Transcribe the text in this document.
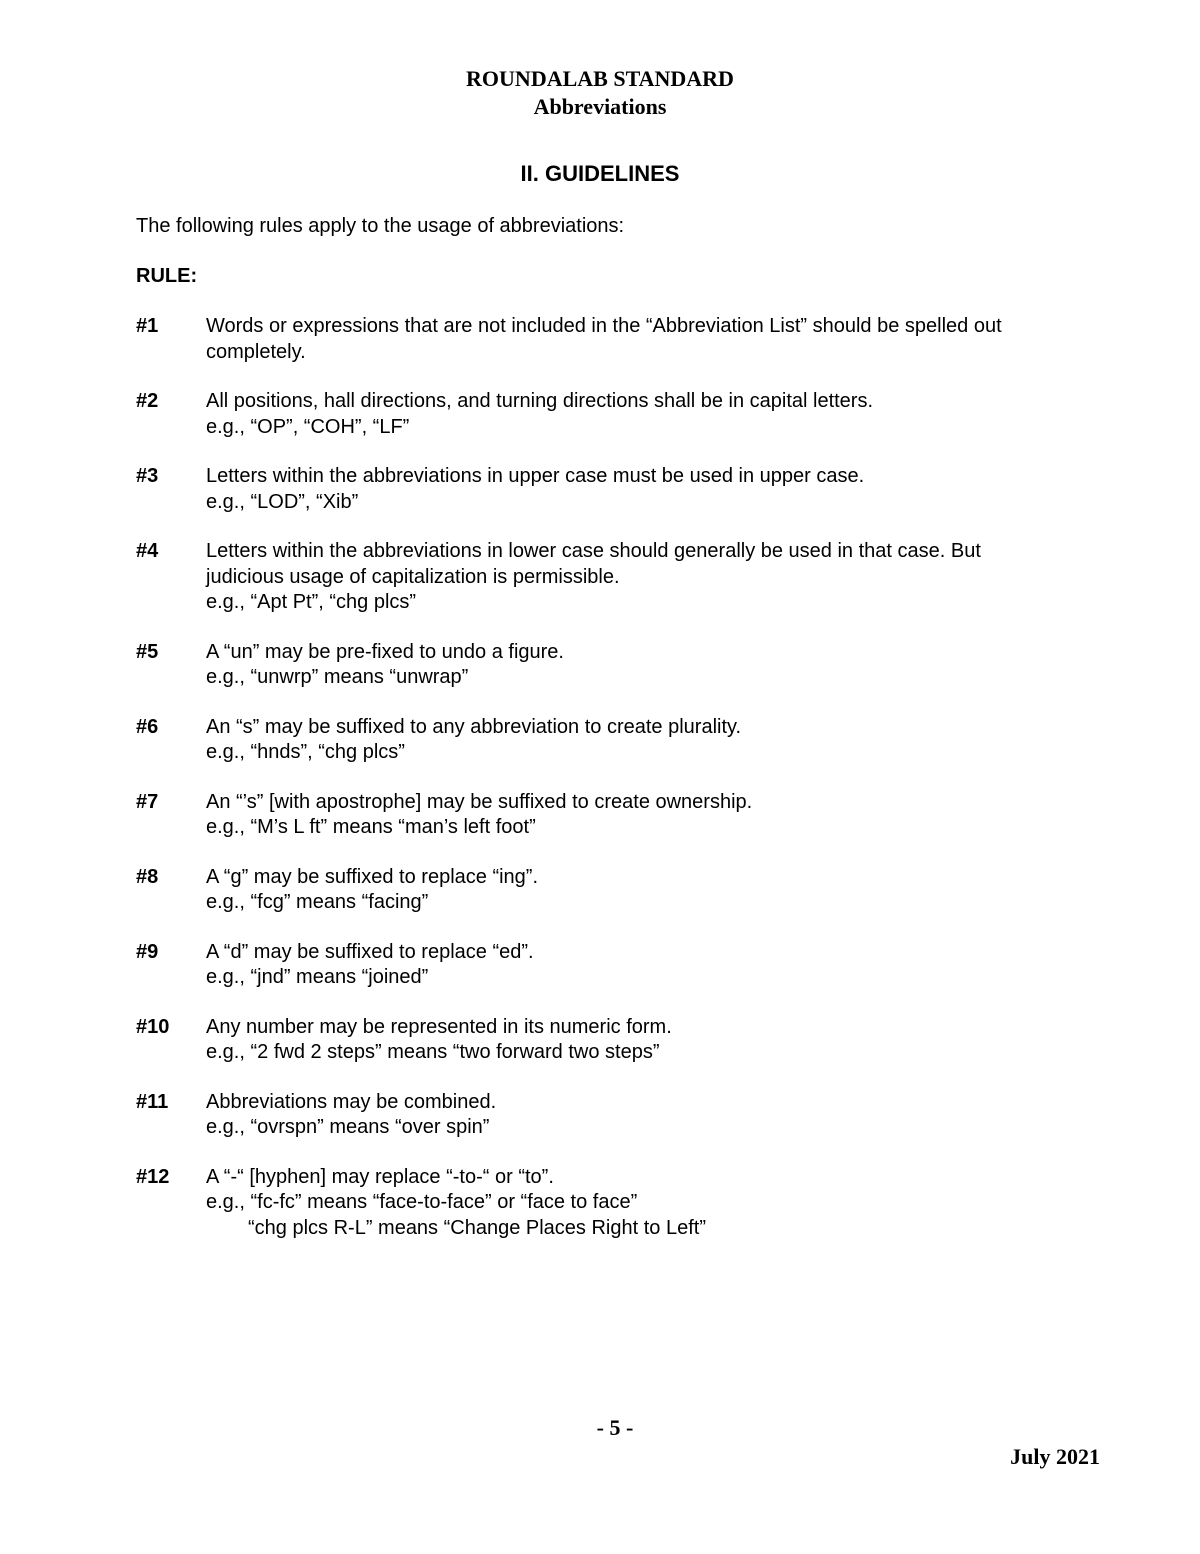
ROUNDALAB STANDARD
Abbreviations
II. GUIDELINES

The following rules apply to the usage of abbreviations:

RULE:

#1 Words or expressions that are not included in the “Abbreviation List” should be spelled out
completely.
#2 All positions, hall directions, and turning directions shall be in capital letters.
e.g., “OP”, “COH”, “LF”
#3 Letters within the abbreviations in upper case must be used in upper case.
e.g., “LOD”, “Xib”
#4 Letters within the abbreviations in lower case should generally be used in that case. But
judicious usage of capitalization is permissible.
e.g., “Apt Pt”, “chg plcs”
#5 A “un” may be pre-fixed to undo a figure.
e.g., “unwrp” means “unwrap”
#6 An “s” may be suffixed to any abbreviation to create plurality.
e.g., “hnds”, “chg plcs”
#7 An “’s” [with apostrophe] may be suffixed to create ownership.
e.g., “M’s L ft” means “man’s left foot”
#8 A “g” may be suffixed to replace “ing”.
e.g., “fcg” means “facing”
#9 A “d” may be suffixed to replace “ed”.
e.g., “jnd” means “joined”
#10 Any number may be represented in its numeric form.
e.g., “2 fwd 2 steps” means “two forward two steps”
#11 Abbreviations may be combined.
e.g., “ovrspn” means “over spin”
#12 A “-“ [hyphen] may replace “-to-“ or “to”.
e.g., “fc-fc” means “face-to-face” or “face to face”
“chg plcs R-L” means “Change Places Right to Left”
- 5 -
July 2021
